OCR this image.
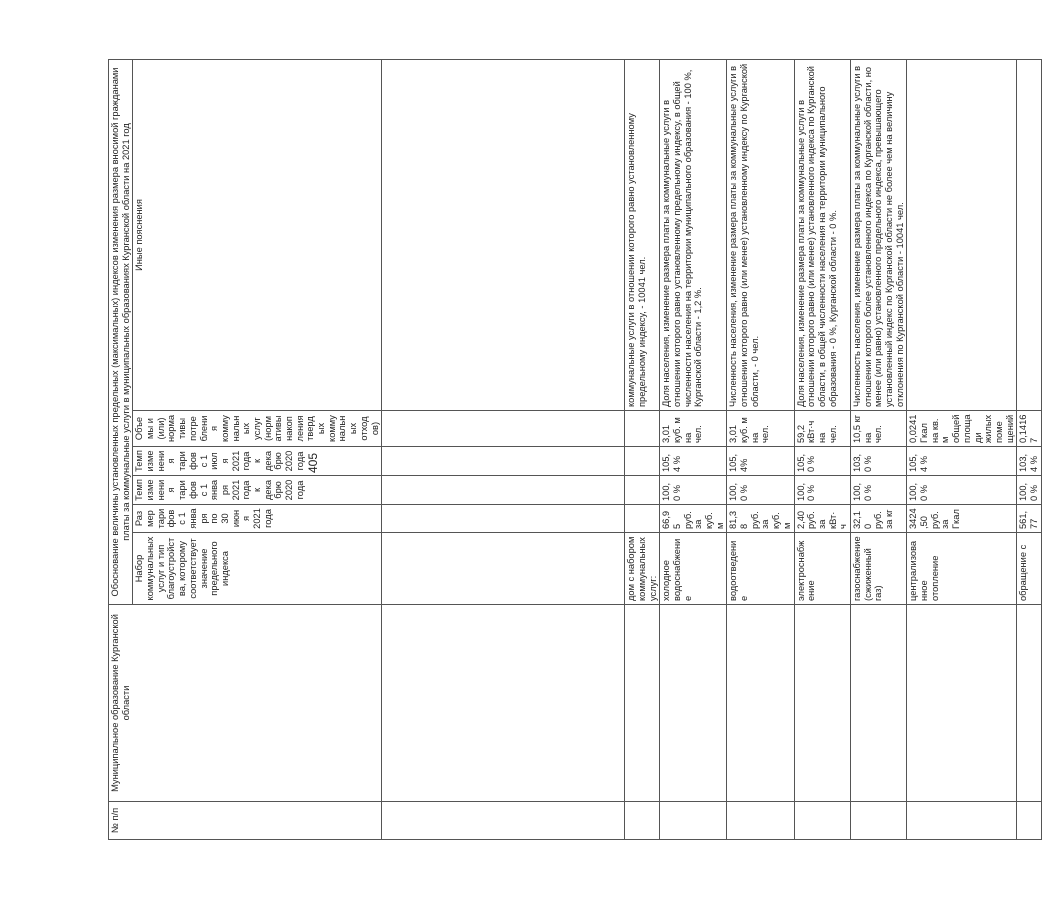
405
№ п/п	Муниципальное образование Курганской области	Обоснование величины установленных предельных (максимальных) индексов изменения размера вносимой гражданами платы за коммунальные услуги в муниципальных образованиях Курганской области на 2021 год					
		Набор коммунальных услуг и тип благоустройства, которому соответствует значение предельного индекса	Размер тарифов с 1 января по 30 июня 2021 года	Темп изменения тарифов с 1 января 2021 года к декабрю 2020 года	Темп изменения тарифов с 1 июля 2021 года к декабрю 2020 года	Объемы и (или) нормативы потребления коммунальных услуг (нормативы накопления твердых коммунальных отходов)	Иные пояснения

		дом с набором коммунальных услуг:					коммунальные услуги в отношении которого равно установленному предельному индексу, - 10041 чел.
		холодное водоснабжение	66,95 руб. за куб. м	100,0 %	105,4 %	3,01 куб. м на чел.	Доля населения, изменение размера платы за коммунальные услуги в отношении которого равно установленному предельному индексу, в общей численности населения на территории муниципального образования - 100 %, Курганской области - 1,2 %.
		водоотведение	81,38 руб. за куб. м	100,0 %	105,4%	3,01 куб. м на чел.	Численность населения, изменение размера платы за коммунальные услуги в отношении которого равно (или менее) установленному индексу по Курганской области, - 0 чел.
		электроснабжение	2,40 руб. за кВт·ч	100,0 %	105,0 %	59,2 кВт·ч на чел.	Доля населения, изменение размера платы за коммунальные услуги в отношении которого равно (или менее) установленного индекса по Курганской области, в общей численности населения на территории муниципального образования - 0 %, Курганской области - 0 %.
		газоснабжение (сжиженный газ)	32,10 руб. за кг	100,0 %	103,0 %	10,5 кг на чел.	Численность населения, изменение размера платы за коммунальные услуги в отношении которого более установленного индекса по Курганской области, но менее (или равно) установленного предельного индекса, превышающего установленный индекс по Курганской области не более чем на величину отклонения по Курганской области - 10041 чел.
		централизованное отопление	3424,50 руб. за Гкал	100,0 %	105,4 %	0,0241 Гкал на кв. м общей площади жилых помещений	
		обращение с	561,77	100,0 %	103,4 %	0,14167	
